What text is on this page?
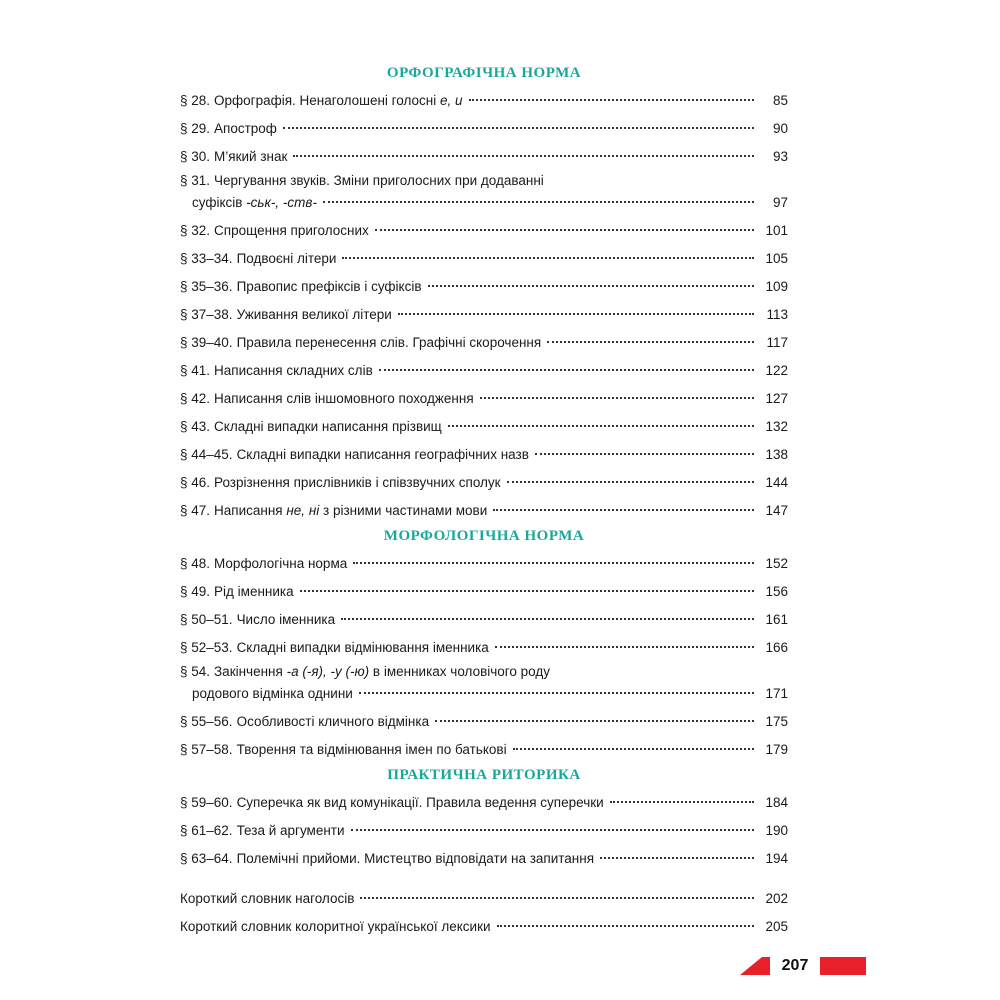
ОРФОГРАФІЧНА НОРМА
§ 28. Орфографія. Ненаголошені голосні е, и	85
§ 29. Апостроф	90
§ 30. М’який знак	93
§ 31. Чергування звуків. Зміни приголосних при додаванні
суфіксів -ськ-, -ств-	97
§ 32. Спрощення приголосних	101
§ 33–34. Подвоєні літери	105
§ 35–36. Правопис префіксів і суфіксів	109
§ 37–38. Уживання великої літери	113
§ 39–40. Правила перенесення слів. Графічні скорочення	117
§ 41. Написання складних слів	122
§ 42. Написання слів іншомовного походження	127
§ 43. Складні випадки написання прізвищ	132
§ 44–45. Складні випадки написання географічних назв	138
§ 46. Розрізнення прислівників і співзвучних сполук	144
§ 47. Написання не, ні з різними частинами мови	147
МОРФОЛОГІЧНА НОРМА
§ 48. Морфологічна норма	152
§ 49. Рід іменника	156
§ 50–51. Число іменника	161
§ 52–53. Складні випадки відмінювання іменника	166
§ 54. Закінчення -а (-я), -у (-ю) в іменниках чоловічого роду
родового відмінка однини	171
§ 55–56. Особливості кличного відмінка	175
§ 57–58. Творення та відмінювання імен по батькові	179
ПРАКТИЧНА РИТОРИКА
§ 59–60. Суперечка як вид комунікації. Правила ведення суперечки	184
§ 61–62. Теза й аргументи	190
§ 63–64. Полемічні прийоми. Мистецтво відповідати на запитання	194
Короткий словник наголосів	202
Короткий словник колоритної української лексики	205
207
